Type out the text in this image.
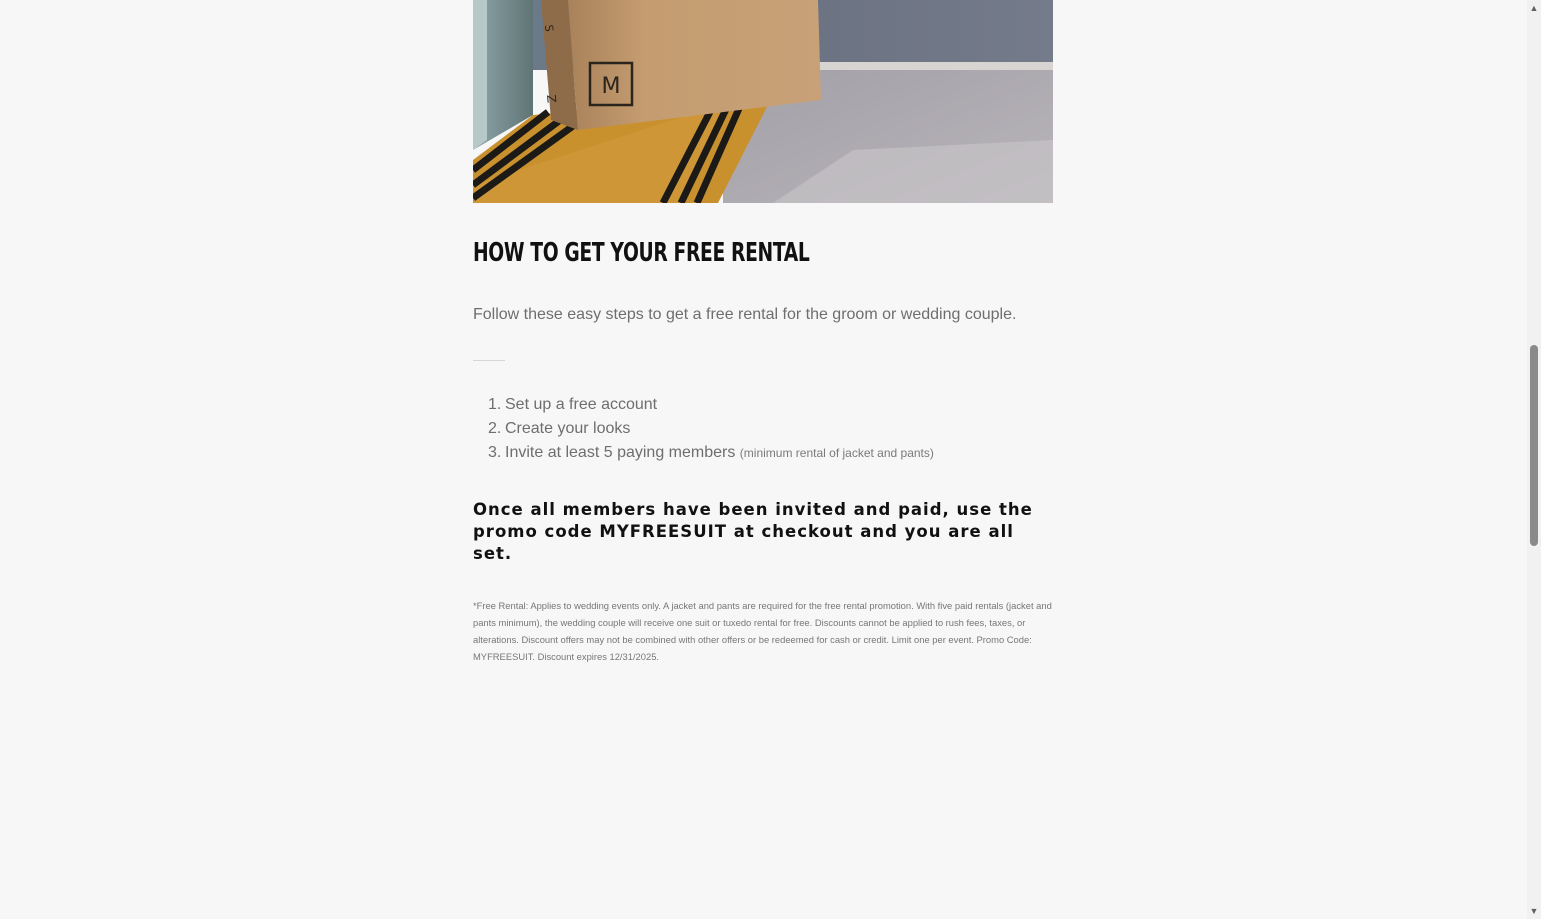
S
Z M
HOW TO GET YOUR FREE RENTAL

Follow these easy steps to get a free rental for the groom or wedding couple.

1. Set up a free account
2. Create your looks
3. Invite at least 5 paying members (minimum rental of jacket and pants)

Once all members have been invited and paid, use the promo code MYFREESUIT at checkout and you are all set.

*Free Rental: Applies to wedding events only. A jacket and pants are required for the free rental promotion. With five paid rentals (jacket and pants minimum), the wedding couple will receive one suit or tuxedo rental for free. Discounts cannot be applied to rush fees, taxes, or alterations. Discount offers may not be combined with other offers or be redeemed for cash or credit. Limit one per event. Promo Code: MYFREESUIT. Discount expires 12/31/2025.

▲
▼
